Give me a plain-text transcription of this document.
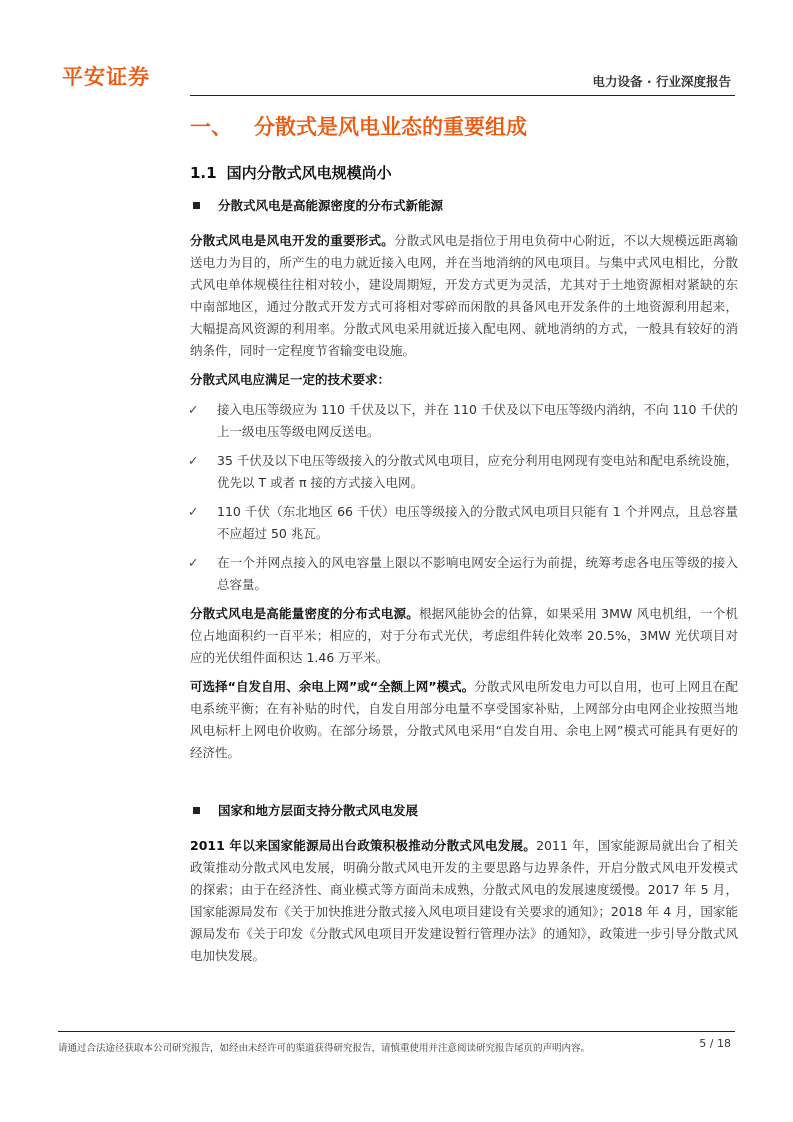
平安证券	电力设备 · 行业深度报告
一、 分散式是风电业态的重要组成
1.1 国内分散式风电规模尚小
分散式风电是高能源密度的分布式新能源

分散式风电是风电开发的重要形式。分散式风电是指位于用电负荷中心附近，不以大规模远距离输送电力为目的，所产生的电力就近接入电网，并在当地消纳的风电项目。与集中式风电相比，分散式风电单体规模往往相对较小，建设周期短，开发方式更为灵活，尤其对于土地资源相对紧缺的东中南部地区，通过分散式开发方式可将相对零碎而闲散的具备风电开发条件的土地资源利用起来，大幅提高风资源的利用率。分散式风电采用就近接入配电网、就地消纳的方式，一般具有较好的消纳条件，同时一定程度节省输变电设施。

分散式风电应满足一定的技术要求：
✓ 接入电压等级应为 110 千伏及以下，并在 110 千伏及以下电压等级内消纳，不向 110 千伏的上一级电压等级电网反送电。
✓ 35 千伏及以下电压等级接入的分散式风电项目，应充分利用电网现有变电站和配电系统设施，优先以 T 或者 π 接的方式接入电网。
✓ 110 千伏（东北地区 66 千伏）电压等级接入的分散式风电项目只能有 1 个并网点，且总容量不应超过 50 兆瓦。
✓ 在一个并网点接入的风电容量上限以不影响电网安全运行为前提，统筹考虑各电压等级的接入总容量。

分散式风电是高能量密度的分布式电源。根据风能协会的估算，如果采用 3MW 风电机组，一个机位占地面积约一百平米；相应的，对于分布式光伏，考虑组件转化效率 20.5%，3MW 光伏项目对应的光伏组件面积达 1.46 万平米。

可选择“自发自用、余电上网”或“全额上网”模式。分散式风电所发电力可以自用，也可上网且在配电系统平衡；在有补贴的时代，自发自用部分电量不享受国家补贴，上网部分由电网企业按照当地风电标杆上网电价收购。在部分场景，分散式风电采用“自发自用、余电上网”模式可能具有更好的经济性。

国家和地方层面支持分散式风电发展

2011 年以来国家能源局出台政策积极推动分散式风电发展。2011 年，国家能源局就出台了相关政策推动分散式风电发展，明确分散式风电开发的主要思路与边界条件，开启分散式风电开发模式的探索；由于在经济性、商业模式等方面尚未成熟，分散式风电的发展速度缓慢。2017 年 5 月，国家能源局发布《关于加快推进分散式接入风电项目建设有关要求的通知》；2018 年 4 月，国家能源局发布《关于印发《分散式风电项目开发建设暂行管理办法》的通知》，政策进一步引导分散式风电加快发展。

请通过合法途径获取本公司研究报告，如经由未经许可的渠道获得研究报告，请慎重使用并注意阅读研究报告尾页的声明内容。	5 / 18
